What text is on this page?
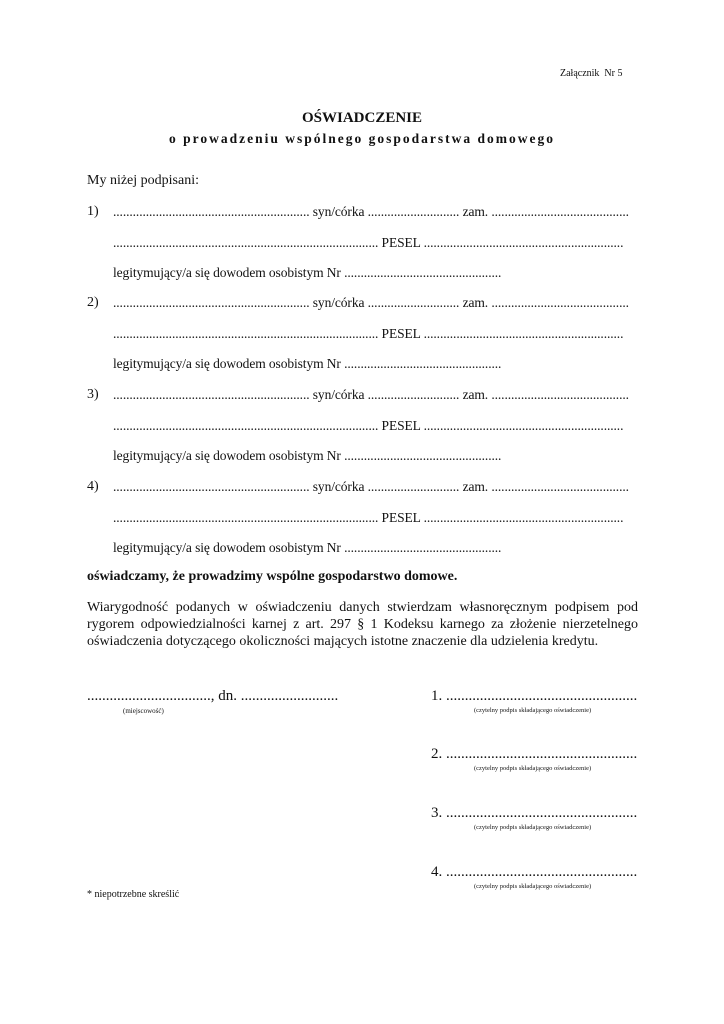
Załącznik  Nr 5
OŚWIADCZENIE
o prowadzeniu wspólnego gospodarstwa domowego
My niżej podpisani:
1) ............................................................ syn/córka ............................ zam. ..........................................
................................................................................. PESEL .............................................................
legitymujący/a się dowodem osobistym Nr ................................................
2) ............................................................ syn/córka ............................ zam. ..........................................
................................................................................. PESEL .............................................................
legitymujący/a się dowodem osobistym Nr ................................................
3) ............................................................ syn/córka ............................ zam. ..........................................
................................................................................. PESEL .............................................................
legitymujący/a się dowodem osobistym Nr ................................................
4) ............................................................ syn/córka ............................ zam. ..........................................
................................................................................. PESEL .............................................................
legitymujący/a się dowodem osobistym Nr ................................................
oświadczamy, że prowadzimy wspólne gospodarstwo domowe.
Wiarygodność podanych w oświadczeniu danych stwierdzam własnoręcznym podpisem pod rygorem odpowiedzialności karnej z art. 297 § 1 Kodeksu karnego za złożenie nierzetelnego oświadczenia dotyczącego okoliczności mających istotne znaczenie dla udzielenia kredytu.
................................., dn. ..........................
(miejscowość)
1. ...................................................
(czytelny podpis składającego oświadczenie)
2. ...................................................
(czytelny podpis składającego oświadczenie)
3. ...................................................
(czytelny podpis składającego oświadczenie)
4. ...................................................
(czytelny podpis składającego oświadczenie)
* niepotrzebne skreślić
